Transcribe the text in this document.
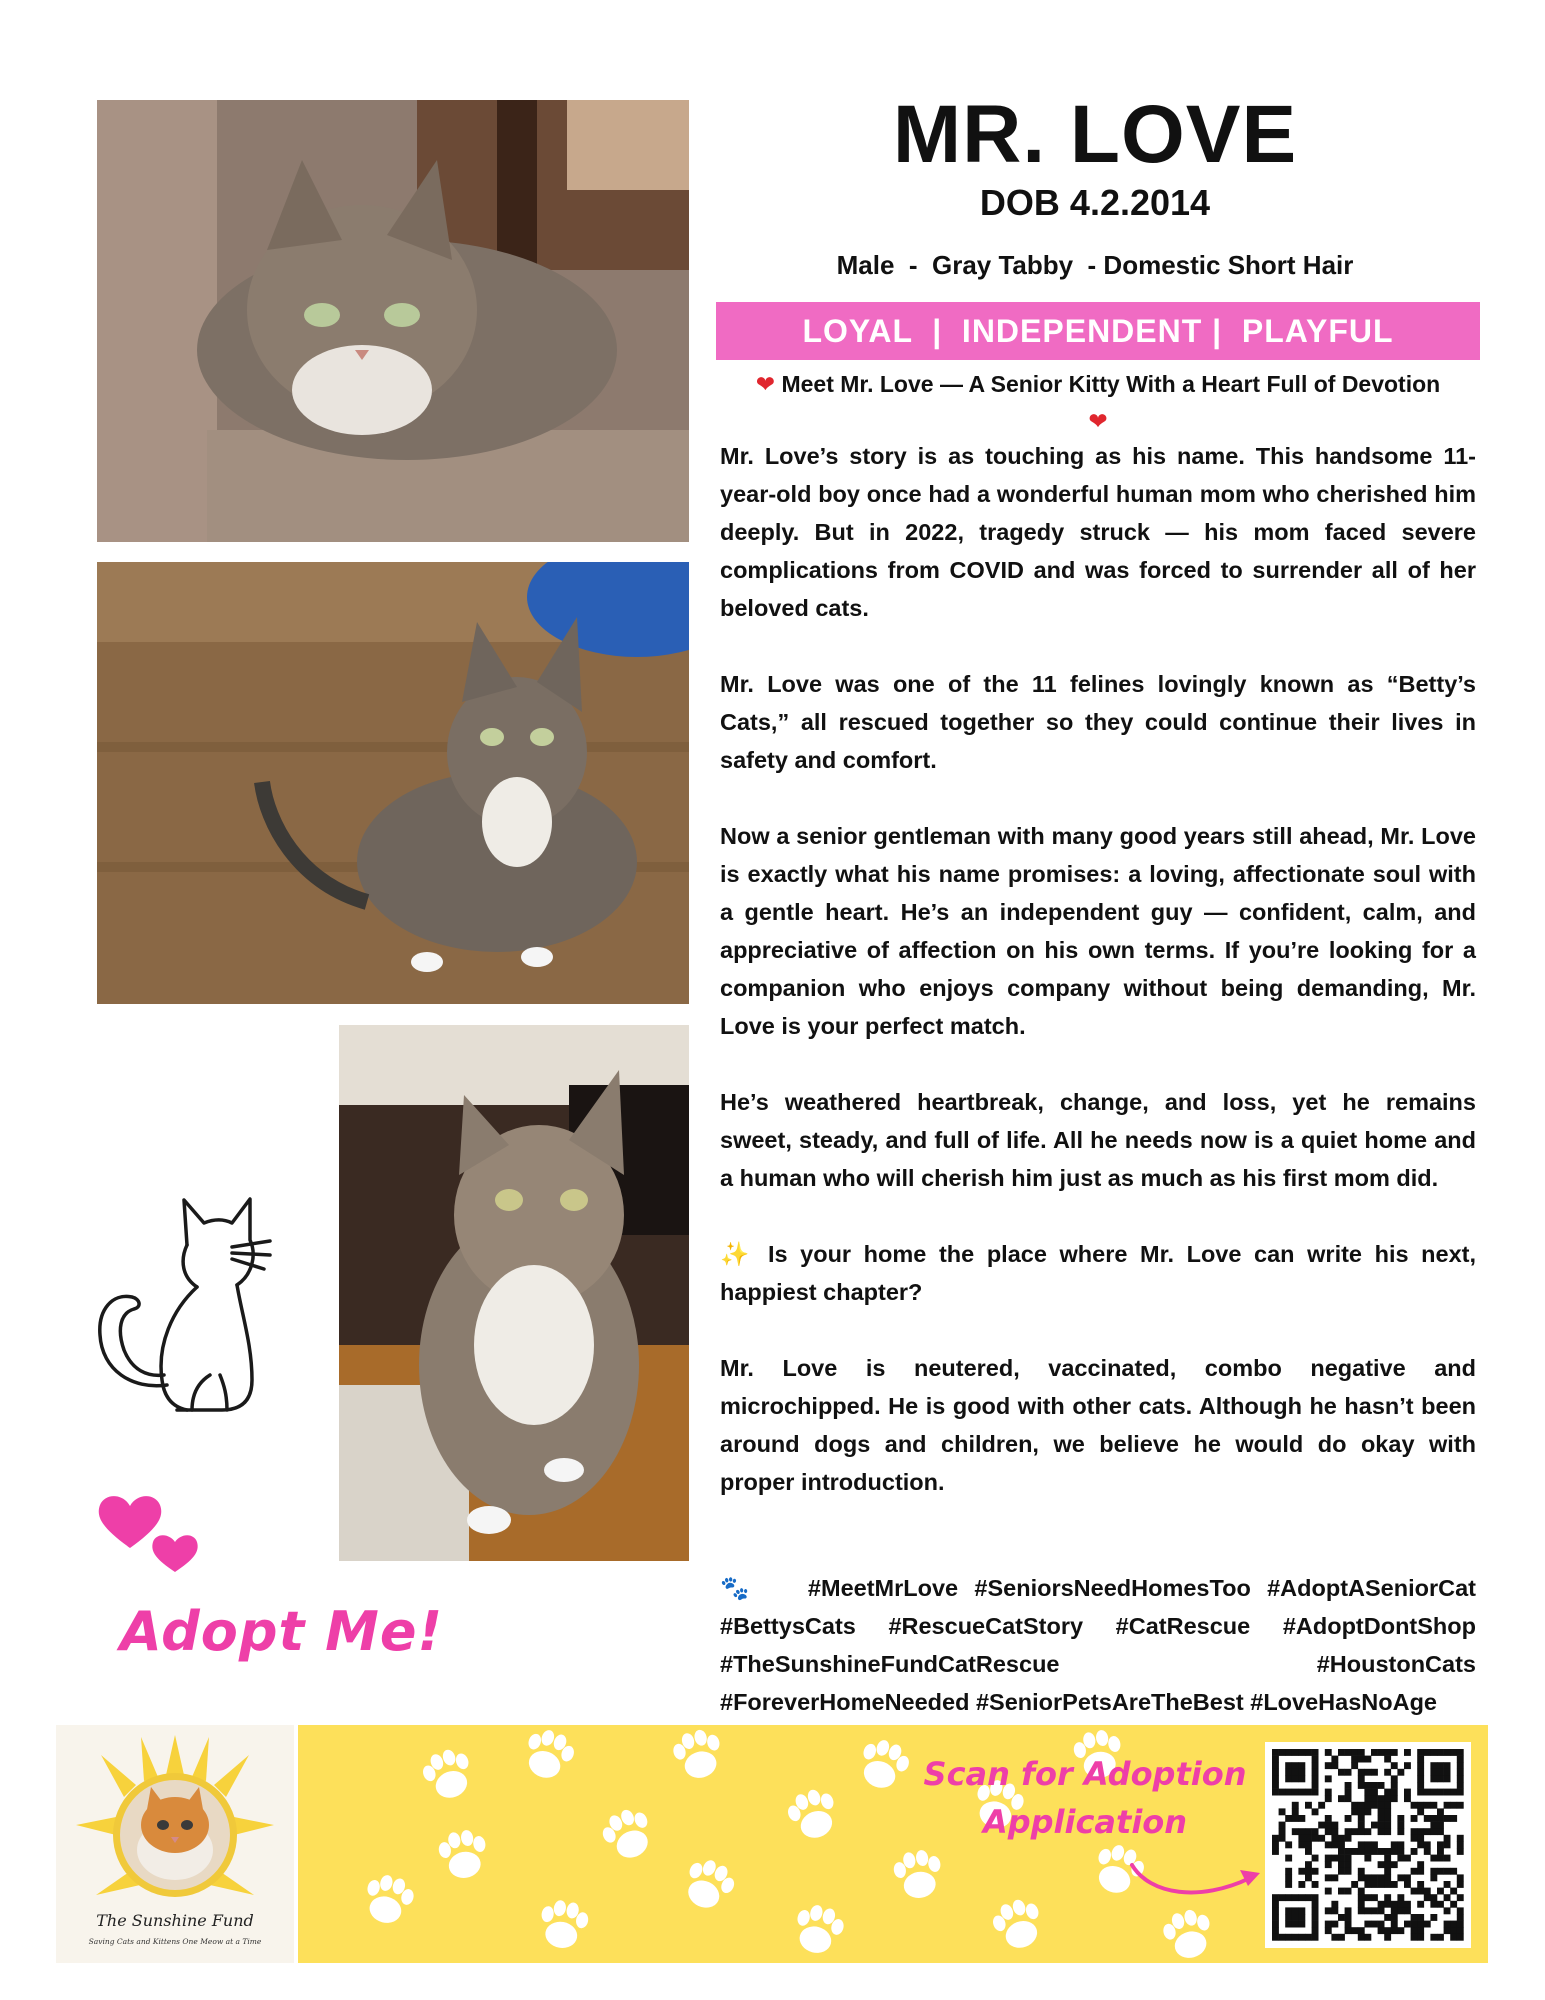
MR. LOVE
DOB 4.2.2014
Male  -  Gray Tabby  - Domestic Short Hair
LOYAL  |  INDEPENDENT |  PLAYFUL
❤ Meet Mr. Love — A Senior Kitty With a Heart Full of Devotion
❤

Mr. Love’s story is as touching as his name. This handsome 11-year-old boy once had a wonderful human mom who cherished him deeply. But in 2022, tragedy struck — his mom faced severe complications from COVID and was forced to surrender all of her beloved cats.

Mr. Love was one of the 11 felines lovingly known as “Betty’s Cats,” all rescued together so they could continue their lives in safety and comfort.

Now a senior gentleman with many good years still ahead, Mr. Love is exactly what his name promises: a loving, affectionate soul with a gentle heart. He’s an independent guy — confident, calm, and appreciative of affection on his own terms. If you’re looking for a companion who enjoys company without being demanding, Mr. Love is your perfect match.

He’s weathered heartbreak, change, and loss, yet he remains sweet, steady, and full of life. All he needs now is a quiet home and a human who will cherish him just as much as his first mom did.

✨ Is your home the place where Mr. Love can write his next, happiest chapter?

Mr. Love is neutered, vaccinated, combo negative and microchipped. He is good with other cats. Although he hasn’t been around dogs and children, we believe he would do okay with proper introduction.

🐾 #MeetMrLove #SeniorsNeedHomesToo #AdoptASeniorCat #BettysCats #RescueCatStory #CatRescue #AdoptDontShop #TheSunshineFundCatRescue #HoustonCats #ForeverHomeNeeded #SeniorPetsAreTheBest #LoveHasNoAge
Adopt Me!
The Sunshine Fund
Saving Cats and Kittens One Meow at a Time
Scan for Adoption Application
